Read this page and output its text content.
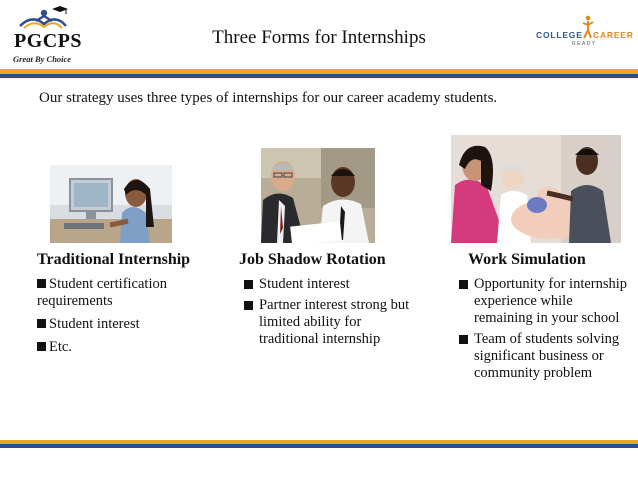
PGCPS
Great By Choice
Three Forms for Internships	COLLEGE CAREER
READY
Our strategy uses three types of internships for our career academy students.
Traditional Internship
Student certification requirements
Student interest
Etc.
Job Shadow Rotation
Student interest
Partner interest strong but limited ability for traditional internship
Work Simulation
Opportunity for internship experience while remaining in your school
Team of students solving significant business or community problem
